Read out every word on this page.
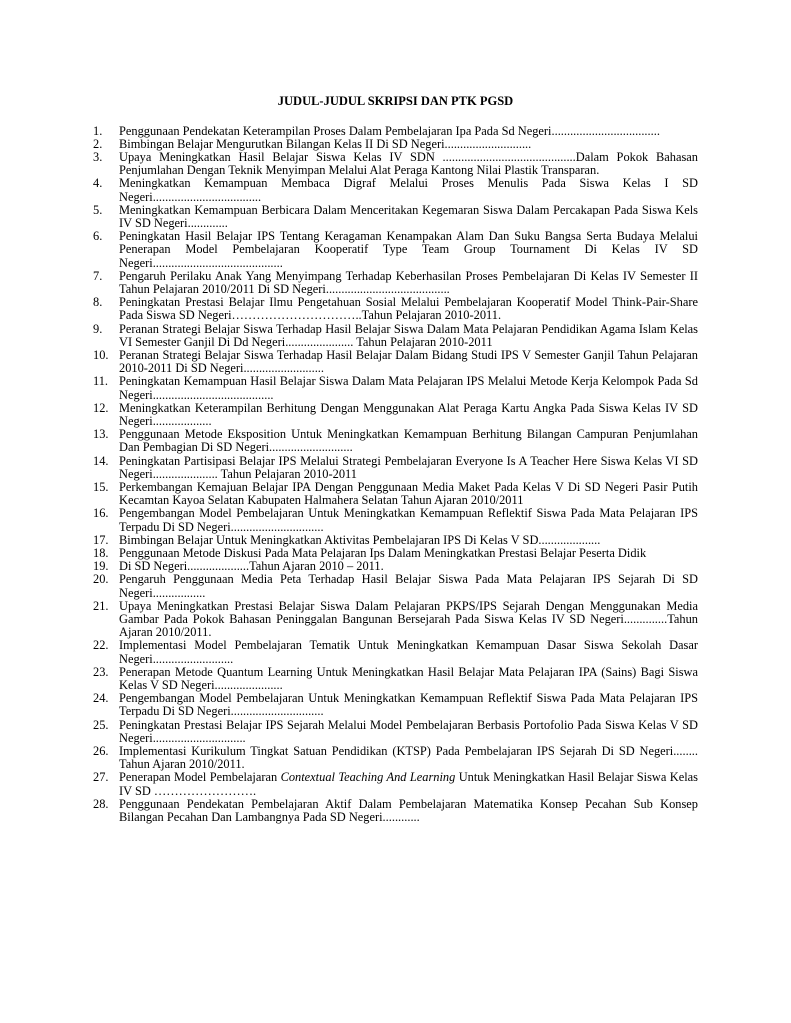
JUDUL-JUDUL SKRIPSI DAN PTK PGSD
1.	Penggunaan Pendekatan Keterampilan Proses Dalam Pembelajaran Ipa Pada Sd Negeri...................................
2.	Bimbingan Belajar Mengurutkan Bilangan Kelas II Di SD Negeri............................
3.	Upaya Meningkatkan Hasil Belajar Siswa Kelas IV SDN ...........................................Dalam Pokok Bahasan Penjumlahan Dengan Teknik Menyimpan Melalui Alat Peraga Kantong Nilai Plastik Transparan.
4.	Meningkatkan Kemampuan Membaca Digraf Melalui Proses Menulis Pada Siswa Kelas I SD Negeri...................................
5.	Meningkatkan Kemampuan Berbicara Dalam Menceritakan Kegemaran Siswa Dalam Percakapan Pada Siswa Kels IV SD Negeri.............
6.	Peningkatan Hasil Belajar IPS Tentang Keragaman Kenampakan Alam Dan Suku Bangsa Serta Budaya Melalui Penerapan Model Pembelajaran Kooperatif Type Team Group Tournament Di Kelas IV SD Negeri..........................................
7.	Pengaruh Perilaku Anak Yang Menyimpang Terhadap Keberhasilan Proses Pembelajaran Di Kelas IV Semester II Tahun Pelajaran 2010/2011 Di SD Negeri........................................
8.	Peningkatan Prestasi Belajar Ilmu Pengetahuan Sosial Melalui Pembelajaran Kooperatif Model Think-Pair-Share Pada Siswa SD Negeri…………………………..Tahun Pelajaran 2010-2011.
9.	Peranan Strategi Belajar Siswa Terhadap Hasil Belajar Siswa Dalam Mata Pelajaran Pendidikan Agama Islam Kelas VI Semester Ganjil Di Dd Negeri...................... Tahun Pelajaran 2010-2011
10. Peranan Strategi Belajar Siswa Terhadap Hasil Belajar Dalam Bidang Studi IPS V Semester Ganjil Tahun Pelajaran 2010-2011 Di SD Negeri..........................
11. Peningkatan Kemampuan Hasil Belajar Siswa Dalam Mata Pelajaran IPS Melalui Metode Kerja Kelompok Pada Sd Negeri.......................................
12. Meningkatkan Keterampilan Berhitung Dengan Menggunakan Alat Peraga Kartu Angka Pada Siswa Kelas IV SD Negeri...................
13. Penggunaan Metode Eksposition Untuk Meningkatkan Kemampuan Berhitung Bilangan Campuran Penjumlahan Dan Pembagian Di SD Negeri...........................
14. Peningkatan Partisipasi Belajar IPS Melalui Strategi Pembelajaran Everyone Is A Teacher Here Siswa Kelas VI SD Negeri..................... Tahun Pelajaran 2010-2011
15. Perkembangan Kemajuan Belajar IPA Dengan Penggunaan Media Maket Pada Kelas V Di SD Negeri Pasir Putih Kecamtan Kayoa Selatan Kabupaten Halmahera Selatan Tahun Ajaran 2010/2011
16. Pengembangan Model Pembelajaran Untuk Meningkatkan Kemampuan Reflektif Siswa Pada Mata Pelajaran IPS Terpadu Di SD Negeri..............................
17. Bimbingan Belajar Untuk Meningkatkan Aktivitas Pembelajaran IPS Di Kelas V SD....................
18. Penggunaan Metode Diskusi Pada Mata Pelajaran Ips Dalam Meningkatkan Prestasi Belajar Peserta Didik
19. Di SD Negeri....................Tahun Ajaran 2010 – 2011.
20. Pengaruh Penggunaan Media Peta Terhadap Hasil Belajar Siswa Pada Mata Pelajaran IPS Sejarah Di SD Negeri.................
21. Upaya Meningkatkan Prestasi Belajar Siswa Dalam Pelajaran PKPS/IPS Sejarah Dengan Menggunakan Media Gambar Pada Pokok Bahasan Peninggalan Bangunan Bersejarah Pada Siswa Kelas IV SD Negeri..............Tahun Ajaran 2010/2011.
22. Implementasi Model Pembelajaran Tematik Untuk Meningkatkan Kemampuan Dasar Siswa Sekolah Dasar Negeri..........................
23. Penerapan Metode Quantum Learning Untuk Meningkatkan Hasil Belajar Mata Pelajaran IPA (Sains) Bagi Siswa Kelas V SD Negeri......................
24. Pengembangan Model Pembelajaran Untuk Meningkatkan Kemampuan Reflektif Siswa Pada Mata Pelajaran IPS Terpadu Di SD Negeri..............................
25. Peningkatan Prestasi Belajar IPS Sejarah Melalui Model Pembelajaran Berbasis Portofolio Pada Siswa Kelas V SD Negeri..............................
26. Implementasi Kurikulum Tingkat Satuan Pendidikan (KTSP) Pada Pembelajaran IPS Sejarah Di SD Negeri........ Tahun Ajaran 2010/2011.
27. Penerapan Model Pembelajaran Contextual Teaching And Learning Untuk Meningkatkan Hasil Belajar Siswa Kelas IV SD …………………….
28. Penggunaan Pendekatan Pembelajaran Aktif Dalam Pembelajaran Matematika Konsep Pecahan Sub Konsep Bilangan Pecahan Dan Lambangnya Pada SD Negeri............
